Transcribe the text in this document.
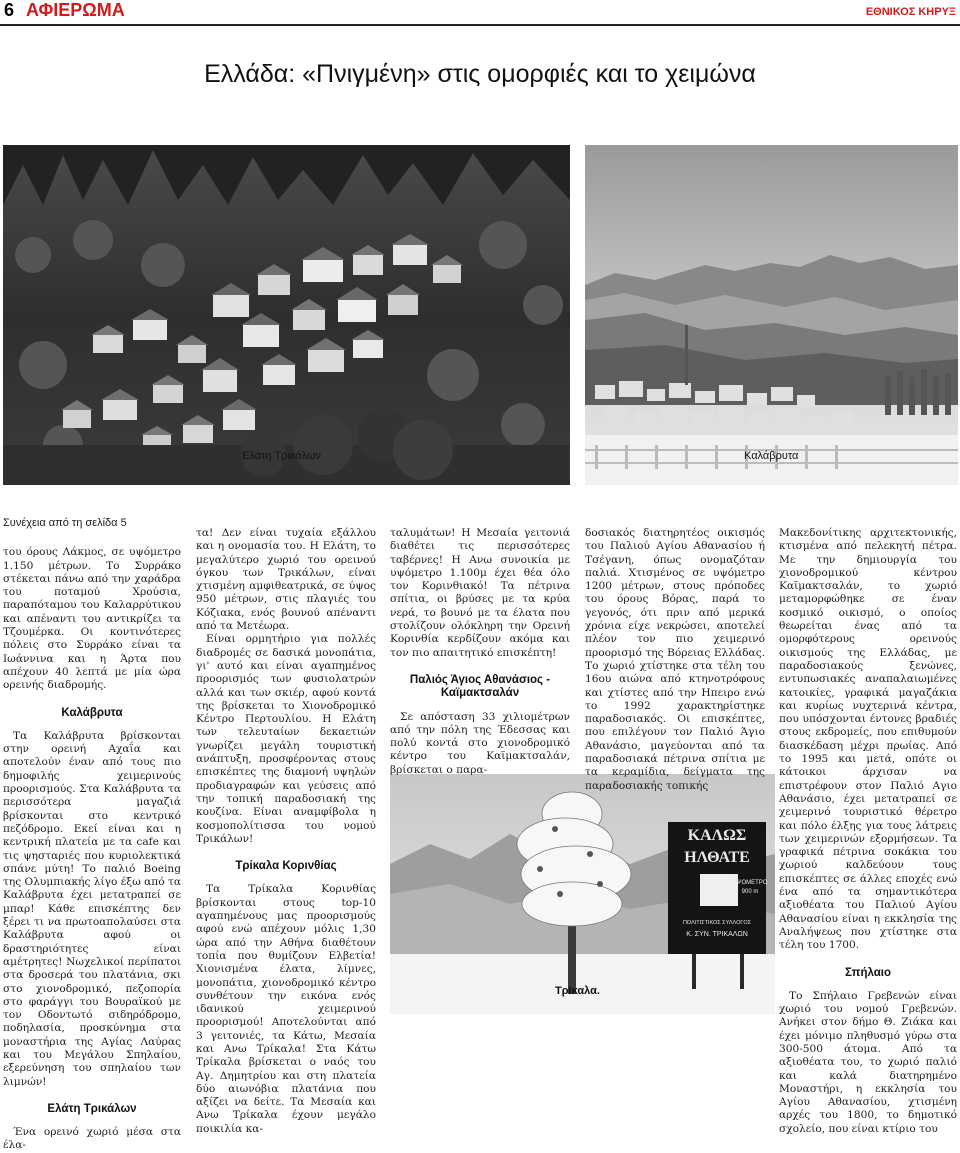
6 ΑΦΙΕΡΩΜΑ	ΕΘΝΙΚΟΣ ΚΗΡΥΞ
Ελλάδα: «Πνιγμένη» στις ομορφιές και το χειμώνα
Ελάτη Τρικάλων	Καλάβρυτα
ΚΑΛΩΣ
ΗΛΘΑΤΕ
ΥΨΟΜΕΤΡΟ
900 m
ΠΟΛΙΤΙΣΤΙΚΟΣ ΣΥΛΛΟΓΟΣ
Κ. ΣΥΝ. ΤΡΙΚΑΛΩΝ
Τρίκαλα.
Συνέχεια από τη σελίδα 5

του όρους Λάκμος, σε υψόμετρο 1.150 μέτρων. Το Συρράκο στέκεται πάνω από την χαράδρα του ποταμού Χρούσια, παραπόταμου του Καλαρρύτικου και απέναντι του αντικρίζει τα Τζουμέρκα. Οι κοντινότερες πόλεις στο Συρράκο είναι τα Ιωάννινα και η Άρτα που απέχουν 40 λεπτά με μία ώρα ορεινής διαδρομής.

Καλάβρυτα

Τα Καλάβρυτα βρίσκονται στην ορεινή Αχαΐα και αποτελούν έναν από τους πιο δημοφιλής χειμερινούς προορισμούς. Στα Καλάβρυτα τα περισσότερα μαγαζιά βρίσκονται στο κεντρικό πεζόδρομο. Εκεί είναι και η κεντρική πλατεία με τα cafe και τις ψησταριές που κυριολεκτικά σπάνε μύτη! Το παλιό Boeing της Ολυμπιακής λίγο έξω από τα Καλάβρυτα έχει μετατραπεί σε μπαρ! Κάθε επισκέπτης δεν ξέρει τι να πρωτοαπολαύσει στα Καλάβρυτα αφού οι δραστηριότητες είναι αμέτρητες! Νωχελικοί περίπατοι στα δροσερά του πλατάνια, σκι στο χιονοδρομικό, πεζοπορία στο φαράγγι του Βουραϊκού με τον Οδοντωτό σιδηρόδρομο, ποδηλασία, προσκύνημα στα μοναστήρια της Αγίας Λαύρας και του Μεγάλου Σπηλαίου, εξερεύνηση του σπηλαίου των λιμνών!

Ελάτη Τρικάλων

Ένα ορεινό χωριό μέσα στα έλα-

τα! Δεν είναι τυχαία εξάλλου και η ονομασία του. Η Ελάτη, το μεγαλύτερο χωριό του ορεινού όγκου των Τρικάλων, είναι χτισμένη αμφιθεατρικά, σε ύψος 950 μέτρων, στις πλαγιές του Κόζιακα, ενός βουνού απέναντι από τα Μετέωρα.

Είναι ορμητήριο για πολλές διαδρομές σε δασικά μονοπάτια, γι' αυτό και είναι αγαπημένος προορισμός των φυσιολατρών αλλά και των σκιέρ, αφού κοντά της βρίσκεται το Χιονοδρομικό Κέντρο Περτουλίου. Η Ελάτη των τελευταίων δεκαετιών γνωρίζει μεγάλη τουριστική ανάπτυξη, προσφέροντας στους επισκέπτες της διαμονή υψηλών προδιαγραφών και γεύσεις από την τοπική παραδοσιακή της κουζίνα. Είναι αναμφίβολα η κοσμοπολίτισσα του νομού Τρικάλων!

Τρίκαλα Κορινθίας

Τα Τρίκαλα Κορινθίας βρίσκονται στους top-10 αγαπημένους μας προορισμούς αφού ενώ απέχουν μόλις 1,30 ώρα από την Αθήνα διαθέτουν τοπία που θυμίζουν Ελβετία! Χιονισμένα έλατα, λίμνες, μονοπάτια, χιονοδρομικό κέντρο συνθέτουν την εικόνα ενός ιδανικού χειμερινού προορισμού! Αποτελούνται από 3 γειτονιές, τα Κάτω, Μεσαία και Ανω Τρίκαλα! Στα Κάτω Τρίκαλα βρίσκεται ο ναός του Αγ. Δημητρίου και στη πλατεία δύο αιωνόβια πλατάνια που αξίζει να δείτε. Τα Μεσαία και Ανω Τρίκαλα έχουν μεγάλο ποικιλία κα-

ταλυμάτων! Η Μεσαία γειτονιά διαθέτει τις περισσότερες ταβέρνες! Η Ανω συνοικία με υψόμετρο 1.100μ έχει θέα όλο τον Κορινθιακό! Τα πέτρινα σπίτια, οι βρύσες με τα κρύα νερά, το βουνό με τα έλατα που στολίζουν ολόκληρη την Ορεινή Κορινθία κερδίζουν ακόμα και τον πιο απαιτητικό επισκέπτη!

Παλιός Άγιος Αθανάσιος - Καϊμακτσαλάν

Σε απόσταση 33 χιλιομέτρων από την πόλη της Έδεσσας και πολύ κοντά στο χιονοδρομικό κέντρο του Καϊμακτσαλάν, βρίσκεται ο παρα-

δοσιακός διατηρητέος οικισμός του Παλιού Αγίου Αθανασίου ή Τσέγανη, όπως ονομαζόταν παλιά. Χτισμένος σε υψόμετρο 1200 μέτρων, στους πρόποδες του όρους Βόρας, παρά το γεγονός, ότι πριν από μερικά χρόνια είχε νεκρώσει, αποτελεί πλέον τον πιο χειμερινό προορισμό της Βόρειας Ελλάδας. Το χωριό χτίστηκε στα τέλη του 16ου αιώνα από κτηνοτρόφους και χτίστες από την Ηπειρο ενώ το 1992 χαρακτηρίστηκε παραδοσιακός. Οι επισκέπτες, που επιλέγουν τον Παλιό Άγιο Αθανάσιο, μαγεύονται από τα παραδοσιακά πέτρινα σπίτια με τα κεραμίδια, δείγματα της παραδοσιακής τοπικής

Μακεδονίτικης αρχιτεκτονικής, κτισμένα από πελεκητή πέτρα. Με την δημιουργία του χιονοδρομικού κέντρου Καϊμακτσαλάν, το χωριό μεταμορφώθηκε σε έναν κοσμικό οικισμό, ο οποίος θεωρείται ένας από τα ομορφότερους ορεινούς οικισμούς της Ελλάδας, με παραδοσιακούς ξενώνες, εντυπωσιακές αναπαλαιωμένες κατοικίες, γραφικά μαγαζάκια και κυρίως νυχτερινά κέντρα, που υπόσχονται έντονες βραδιές στους εκδρομείς, που επιθυμούν διασκέδαση μέχρι πρωίας. Από το 1995 και μετά, οπότε οι κάτοικοι άρχισαν να επιστρέφουν στον Παλιό Αγιο Αθανάσιο, έχει μετατραπεί σε χειμερινό τουριστικό θέρετρο και πόλο έλξης για τους λάτρεις των χειμερινών εξορμήσεων. Τα γραφικά πέτρινα σοκάκια του χωριού καλδεύουν τους επισκέπτες σε άλλες εποχές ενώ ένα από τα σημαντικότερα αξιοθέατα του Παλιού Αγίου Αθανασίου είναι η εκκλησία της Αναλήψεως που χτίστηκε στα τέλη του 1700.

Σπήλαιο

Το Σπήλαιο Γρεβενών είναι χωριό του νομού Γρεβενών. Ανήκει στον δήμο Θ. Ζιάκα και έχει μόνιμο πληθυσμό γύρω στα 300-500 άτομα. Από τα αξιοθέατα του, το χωριό παλιό και καλά διατηρημένο Μοναστήρι, η εκκλησία του Αγίου Αθανασίου, χτισμένη αρχές του 1800, το δημοτικό σχολείο, που είναι κτίριο του
